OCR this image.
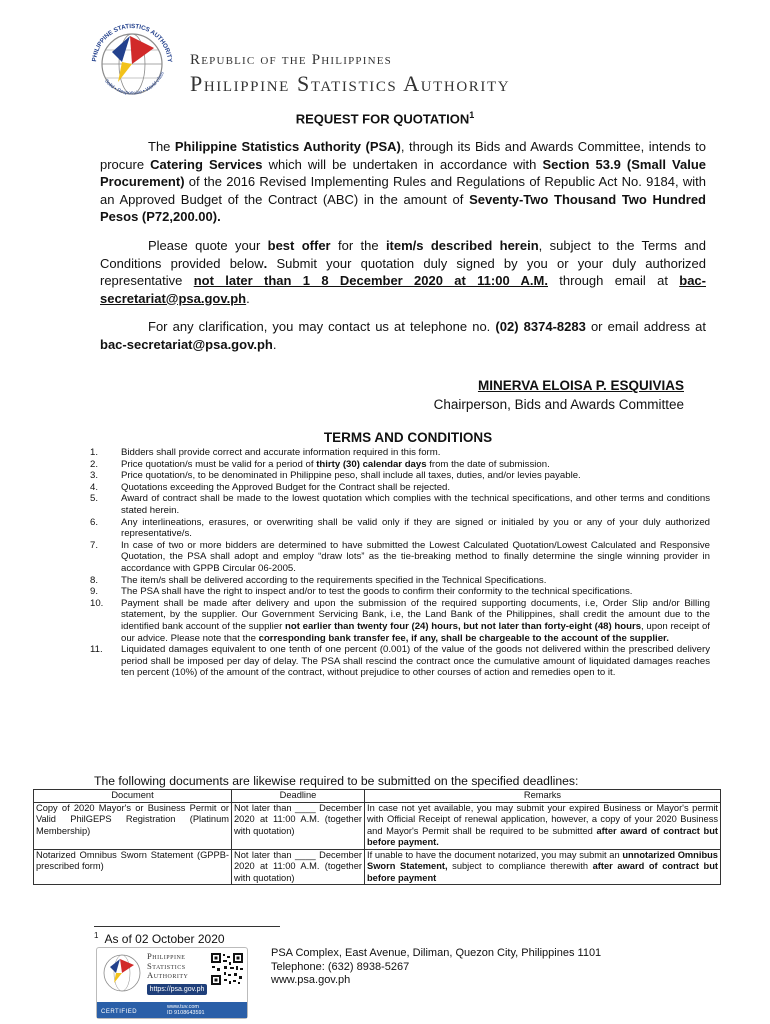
PHILIPPINE STATISTICS AUTHORITY
Solid • Responsive • World-class
Republic of the Philippines
Philippine Statistics Authority
REQUEST FOR QUOTATION$^1$
The Philippine Statistics Authority (PSA), through its Bids and Awards Committee, intends to procure Catering Services which will be undertaken in accordance with Section 53.9 (Small Value Procurement) of the 2016 Revised Implementing Rules and Regulations of Republic Act No. 9184, with an Approved Budget of the Contract (ABC) in the amount of Seventy-Two Thousand Two Hundred Pesos (P72,200.00).
Please quote your best offer for the item/s described herein, subject to the Terms and Conditions provided below. Submit your quotation duly signed by you or your duly authorized representative not later than 1 8 December 2020 at 11:00 A.M. through email at bac-secretariat@psa.gov.ph.
For any clarification, you may contact us at telephone no. (02) 8374-8283 or email address at bac-secretariat@psa.gov.ph.
MINERVA ELOISA P. ESQUIVIAS
Chairperson, Bids and Awards Committee
TERMS AND CONDITIONS
1. Bidders shall provide correct and accurate information required in this form.
2. Price quotation/s must be valid for a period of thirty (30) calendar days from the date of submission.
3. Price quotation/s, to be denominated in Philippine peso, shall include all taxes, duties, and/or levies payable.
4. Quotations exceeding the Approved Budget for the Contract shall be rejected.
5. Award of contract shall be made to the lowest quotation which complies with the technical specifications, and other terms and conditions stated herein.
6. Any interlineations, erasures, or overwriting shall be valid only if they are signed or initialed by you or any of your duly authorized representative/s.
7. In case of two or more bidders are determined to have submitted the Lowest Calculated Quotation/Lowest Calculated and Responsive Quotation, the PSA shall adopt and employ “draw lots” as the tie-breaking method to finally determine the single winning provider in accordance with GPPB Circular 06-2005.
8. The item/s shall be delivered according to the requirements specified in the Technical Specifications.
9. The PSA shall have the right to inspect and/or to test the goods to confirm their conformity to the technical specifications.
10. Payment shall be made after delivery and upon the submission of the required supporting documents, i.e, Order Slip and/or Billing statement, by the supplier. Our Government Servicing Bank, i.e, the Land Bank of the Philippines, shall credit the amount due to the identified bank account of the supplier not earlier than twenty four (24) hours, but not later than forty-eight (48) hours, upon receipt of our advice. Please note that the corresponding bank transfer fee, if any, shall be chargeable to the account of the supplier.
11. Liquidated damages equivalent to one tenth of one percent (0.001) of the value of the goods not delivered within the prescribed delivery period shall be imposed per day of delay. The PSA shall rescind the contract once the cumulative amount of liquidated damages reaches ten percent (10%) of the amount of the contract, without prejudice to other courses of action and remedies open to it.
The following documents are likewise required to be submitted on the specified deadlines:
Document	Deadline	Remarks
Copy of 2020 Mayor's or Business Permit or Valid PhilGEPS Registration (Platinum Membership)	Not later than ____ December 2020 at 11:00 A.M. (together with quotation)	In case not yet available, you may submit your expired Business or Mayor's permit with Official Receipt of renewal application, however, a copy of your 2020 Business and Mayor's Permit shall be required to be submitted after award of contract but before payment.
Notarized Omnibus Sworn Statement (GPPB-prescribed form)	Not later than ____ December 2020 at 11:00 A.M. (together with quotation)	If unable to have the document notarized, you may submit an unnotarized Omnibus Sworn Statement, subject to compliance therewith after award of contract but before payment
$^1$ As of 02 October 2020
Philippine
Statistics
Authority
https://psa.gov.ph
CERTIFIED
www.tuv.com
ID 9108643591
PSA Complex, East Avenue, Diliman, Quezon City, Philippines 1101
Telephone: (632) 8938-5267
www.psa.gov.ph
